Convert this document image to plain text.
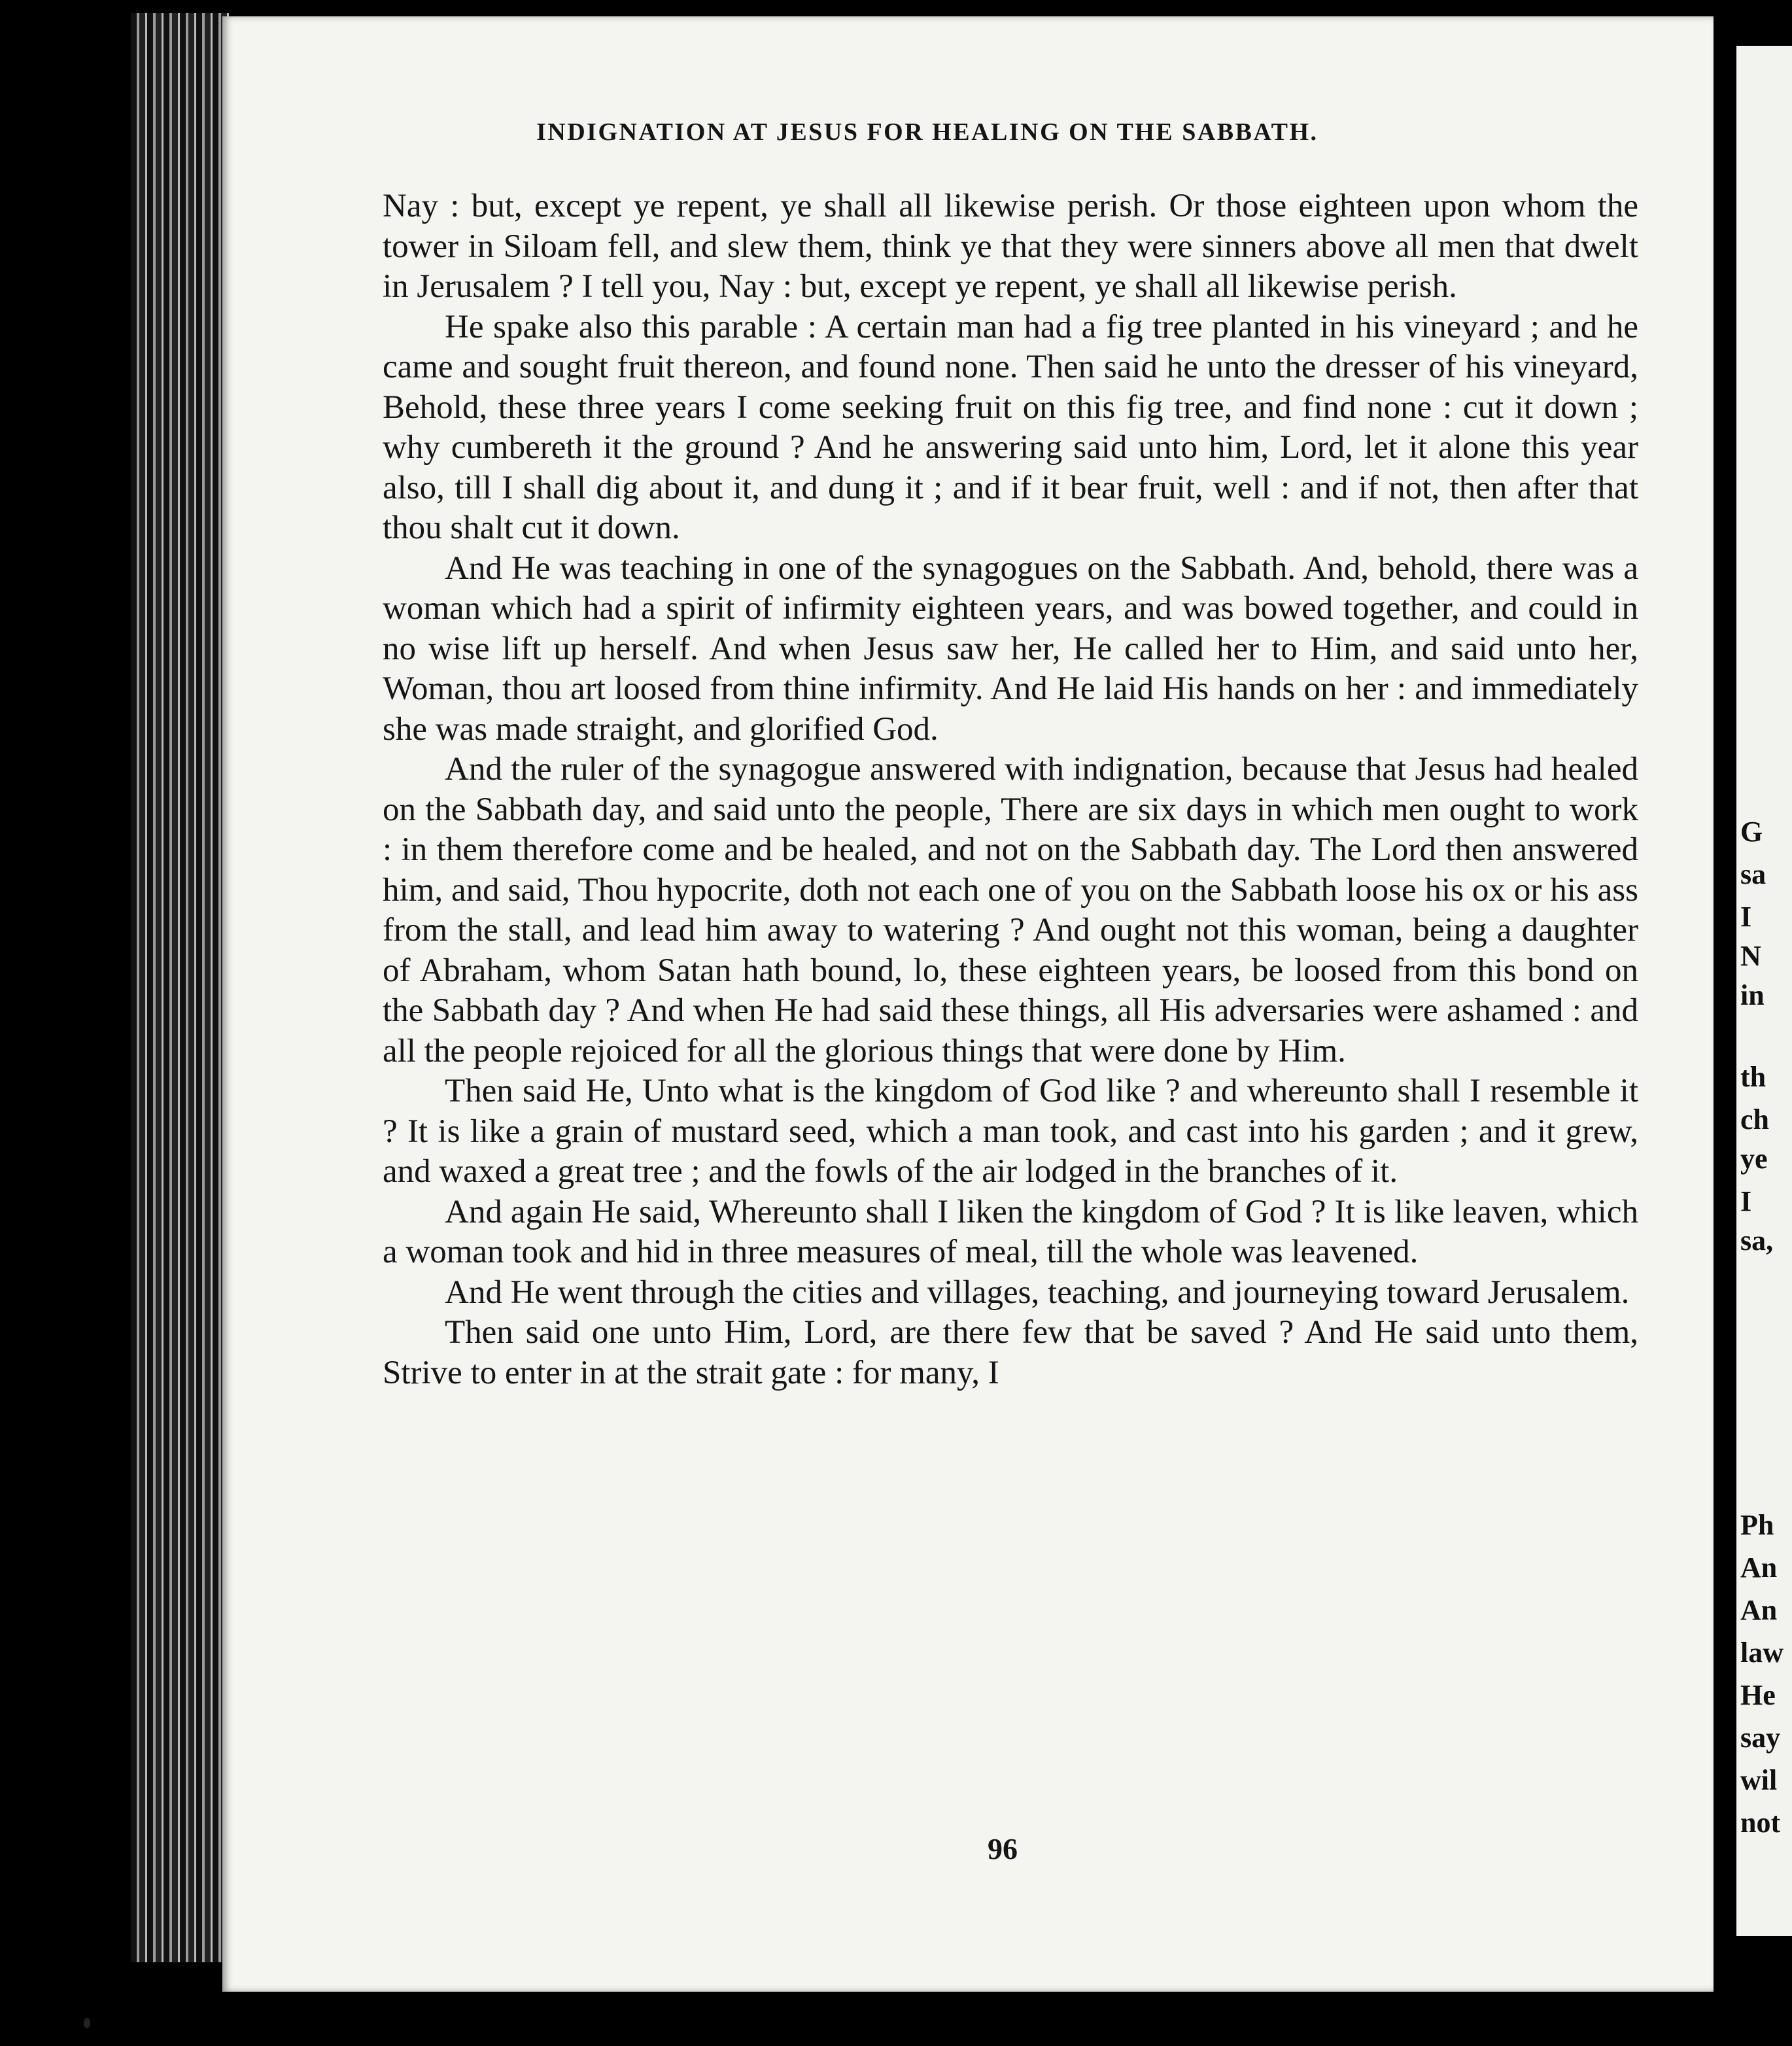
INDIGNATION AT JESUS FOR HEALING ON THE SABBATH.

Nay : but, except ye repent, ye shall all likewise perish. Or those eighteen upon whom the tower in Siloam fell, and slew them, think ye that they were sinners above all men that dwelt in Jerusalem ? I tell you, Nay : but, except ye repent, ye shall all likewise perish.

He spake also this parable : A certain man had a fig tree planted in his vineyard ; and he came and sought fruit thereon, and found none. Then said he unto the dresser of his vineyard, Behold, these three years I come seeking fruit on this fig tree, and find none : cut it down ; why cumbereth it the ground ? And he answering said unto him, Lord, let it alone this year also, till I shall dig about it, and dung it ; and if it bear fruit, well : and if not, then after that thou shalt cut it down.

And He was teaching in one of the synagogues on the Sabbath. And, behold, there was a woman which had a spirit of infirmity eighteen years, and was bowed together, and could in no wise lift up herself. And when Jesus saw her, He called her to Him, and said unto her, Woman, thou art loosed from thine infirmity. And He laid His hands on her : and immediately she was made straight, and glorified God.

And the ruler of the synagogue answered with indignation, because that Jesus had healed on the Sabbath day, and said unto the people, There are six days in which men ought to work : in them therefore come and be healed, and not on the Sabbath day. The Lord then answered him, and said, Thou hypocrite, doth not each one of you on the Sabbath loose his ox or his ass from the stall, and lead him away to watering ? And ought not this woman, being a daughter of Abraham, whom Satan hath bound, lo, these eighteen years, be loosed from this bond on the Sabbath day ? And when He had said these things, all His adversaries were ashamed : and all the people rejoiced for all the glorious things that were done by Him.

Then said He, Unto what is the kingdom of God like ? and whereunto shall I resemble it ? It is like a grain of mustard seed, which a man took, and cast into his garden ; and it grew, and waxed a great tree ; and the fowls of the air lodged in the branches of it.

And again He said, Whereunto shall I liken the kingdom of God ? It is like leaven, which a woman took and hid in three measures of meal, till the whole was leavened.

And He went through the cities and villages, teaching, and journeying toward Jerusalem.

Then said one unto Him, Lord, are there few that be saved ? And He said unto them, Strive to enter in at the strait gate : for many, I

96
G
sa
I
N
in
th
ch
ye
I
sa,
Ph
An
An
law
He
say
wil
not
